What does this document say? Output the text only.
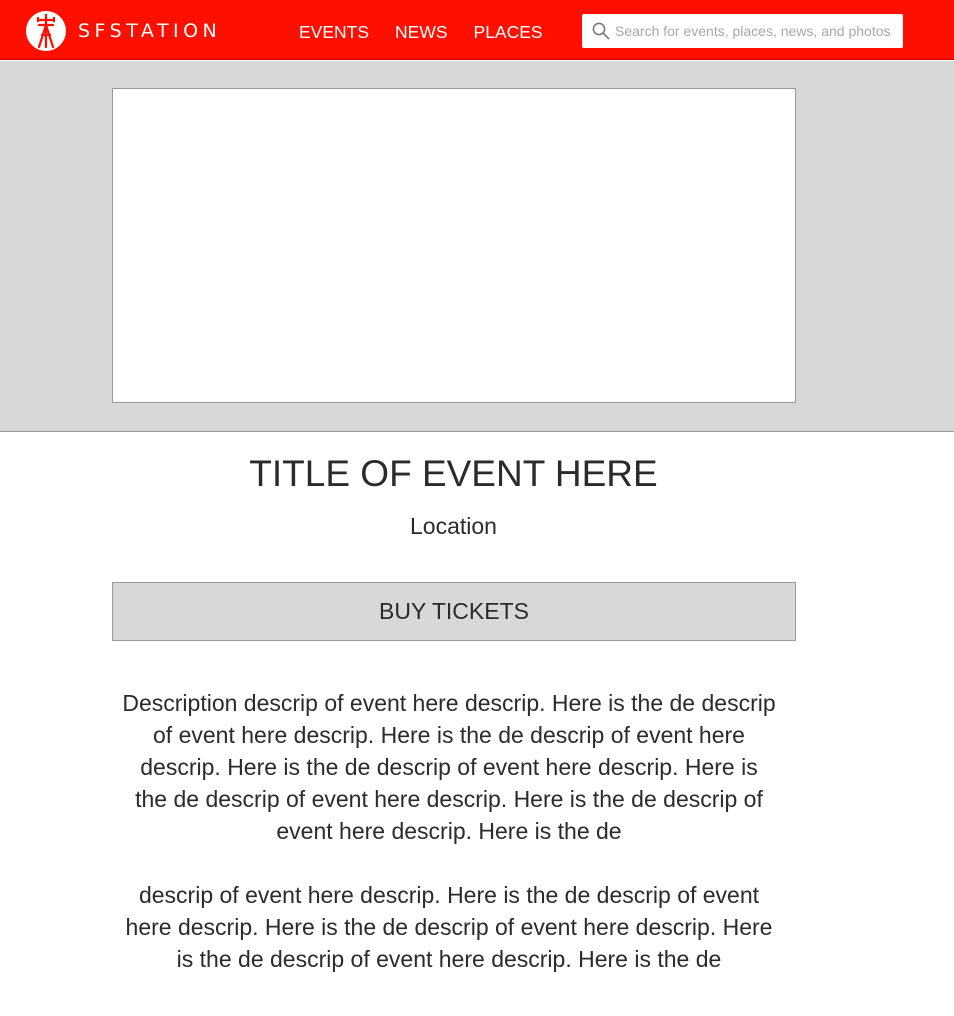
SFSTATION	EVENTS NEWS PLACES
Search for events, places, news, and photos
TITLE OF EVENT HERE
Location
BUY TICKETS

Description descrip of event here descrip. Here is the de descrip of event here descrip. Here is the de descrip of event here descrip. Here is the de descrip of event here descrip. Here is the de descrip of event here descrip. Here is the de descrip of event here descrip. Here is the de

descrip of event here descrip. Here is the de descrip of event here descrip. Here is the de descrip of event here descrip. Here is the de descrip of event here descrip. Here is the de
